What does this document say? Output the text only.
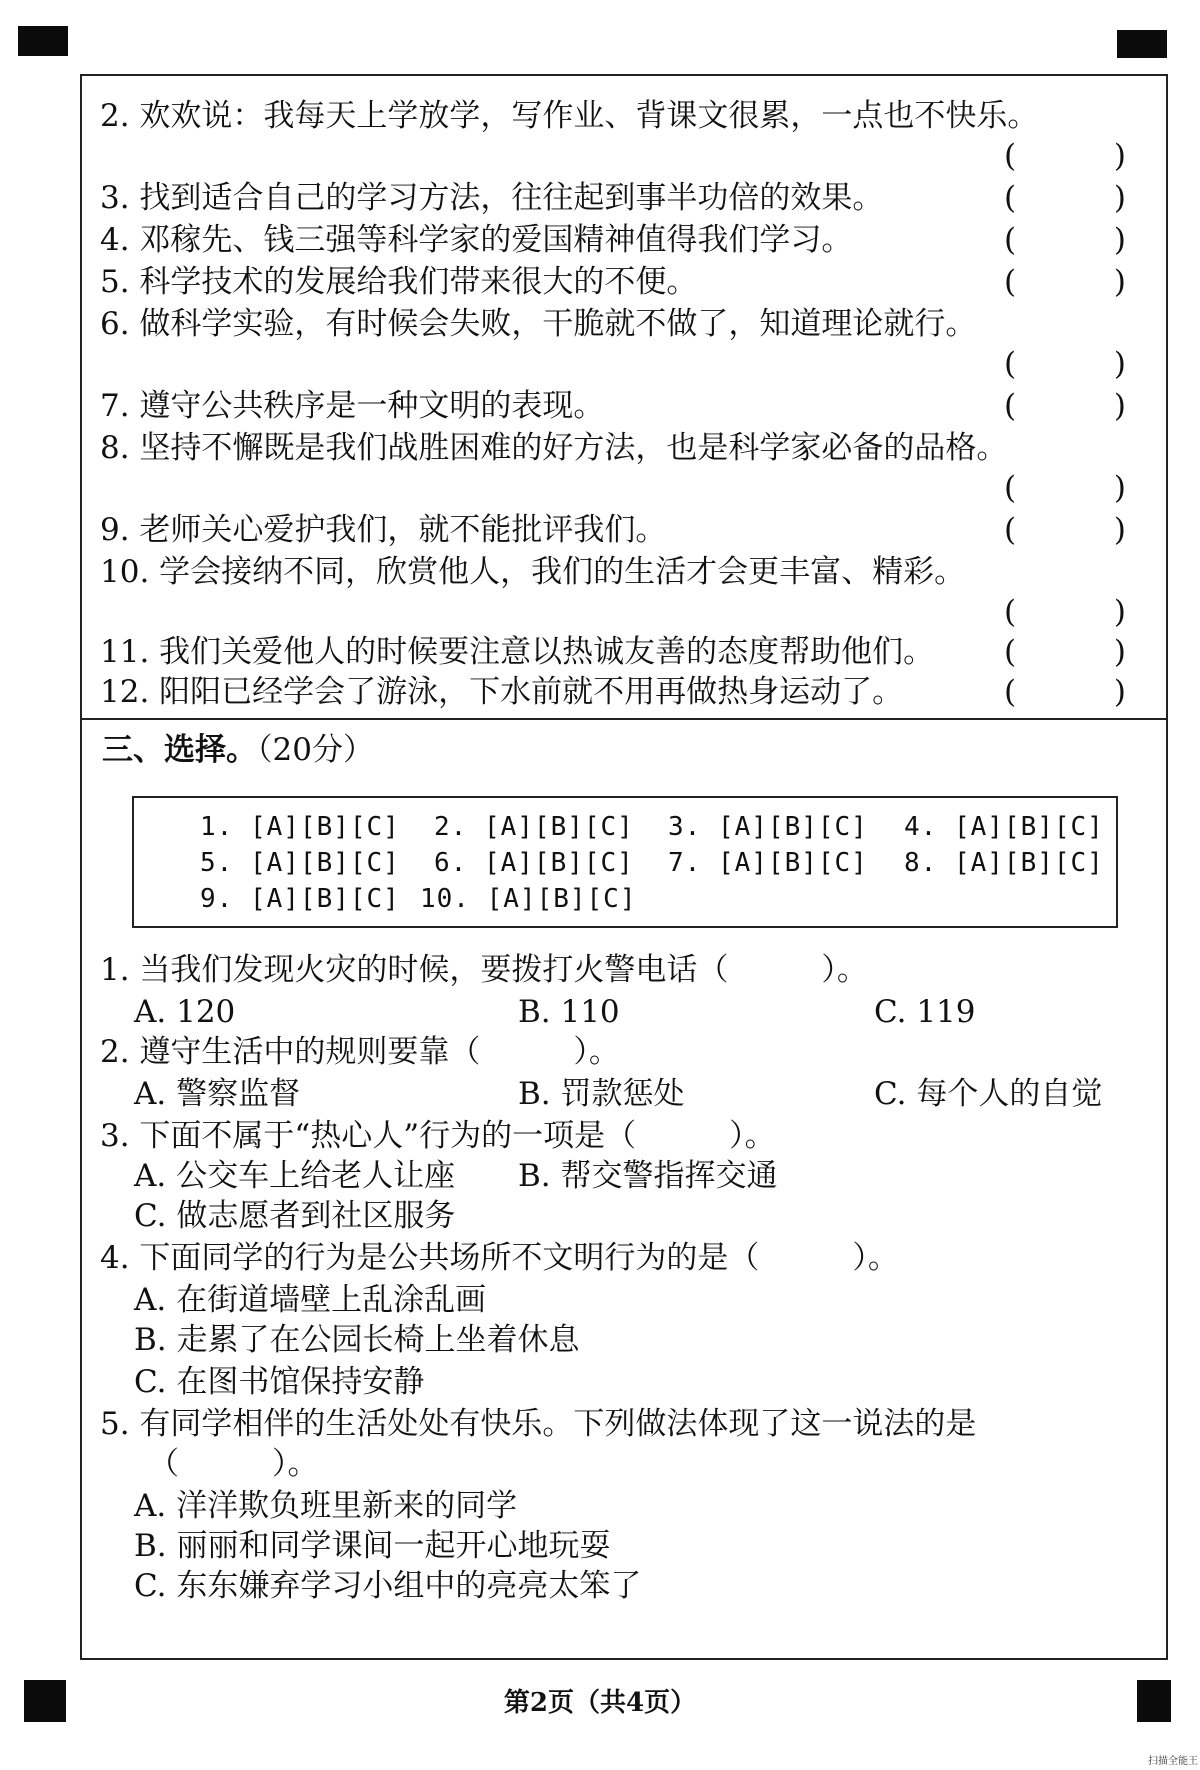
2. 欢欢说：我每天上学放学，写作业、背课文很累，一点也不快乐。
(	)
3. 找到适合自己的学习方法，往往起到事半功倍的效果。	(	)
4. 邓稼先、钱三强等科学家的爱国精神值得我们学习。	(	)
5. 科学技术的发展给我们带来很大的不便。	(	)
6. 做科学实验，有时候会失败，干脆就不做了，知道理论就行。
(	)
7. 遵守公共秩序是一种文明的表现。	(	)
8. 坚持不懈既是我们战胜困难的好方法，也是科学家必备的品格。
(	)
9. 老师关心爱护我们，就不能批评我们。	(	)
10. 学会接纳不同，欣赏他人，我们的生活才会更丰富、精彩。
(	)
11. 我们关爱他人的时候要注意以热诚友善的态度帮助他们。 (	)
12. 阳阳已经学会了游泳，下水前就不用再做热身运动了。	(	)
三、选择。（20分）
1. [A][B][C] 2. [A][B][C] 3. [A][B][C] 4. [A][B][C]
5. [A][B][C] 6. [A][B][C] 7. [A][B][C] 8. [A][B][C]
9. [A][B][C] 10. [A][B][C]
1. 当我们发现火灾的时候，要拨打火警电话（　　　）。
A. 120	B. 110	C. 119
2. 遵守生活中的规则要靠（　　　）。
A. 警察监督	B. 罚款惩处	C. 每个人的自觉
3. 下面不属于“热心人”行为的一项是（　　　）。
A. 公交车上给老人让座 B. 帮交警指挥交通
C. 做志愿者到社区服务
4. 下面同学的行为是公共场所不文明行为的是（　　　）。
A. 在街道墙壁上乱涂乱画
B. 走累了在公园长椅上坐着休息
C. 在图书馆保持安静
5. 有同学相伴的生活处处有快乐。下列做法体现了这一说法的是
（　　　）。
A. 洋洋欺负班里新来的同学
B. 丽丽和同学课间一起开心地玩耍
C. 东东嫌弃学习小组中的亮亮太笨了
第2页（共4页）
扫描全能王
